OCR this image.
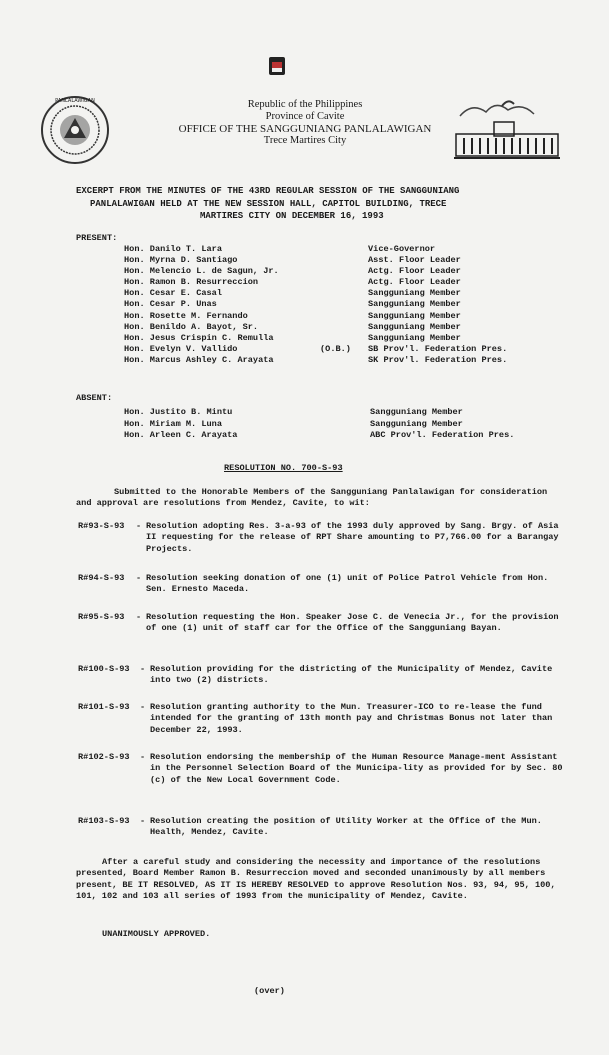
PANLALAWIGAN	Republic of the Philippines
Province of Cavite
OFFICE OF THE SANGGUNIANG PANLALAWIGAN
Trece Martires City
EXCERPT FROM THE MINUTES OF THE 43RD REGULAR SESSION OF THE SANGGUNIANG
PANLALAWIGAN HELD AT THE NEW SESSION HALL, CAPITOL BUILDING, TRECE
MARTIRES CITY ON DECEMBER 16, 1993
PRESENT:
Hon. Danilo T. Lara	Vice-Governor
Hon. Myrna D. Santiago	Asst. Floor Leader
Hon. Melencio L. de Sagun, Jr.	Actg. Floor Leader
Hon. Ramon B. Resurreccion	Actg. Floor Leader
Hon. Cesar E. Casal	Sangguniang Member
Hon. Cesar P. Unas	Sangguniang Member
Hon. Rosette M. Fernando	Sangguniang Member
Hon. Benildo A. Bayot, Sr.	Sangguniang Member
Hon. Jesus Crispin C. Remulla	Sangguniang Member
Hon. Evelyn V. Vallido	(O.B.) SB Prov'l. Federation Pres.
Hon. Marcus Ashley C. Arayata	SK Prov'l. Federation Pres.
ABSENT:
Hon. Justito B. Mintu	Sangguniang Member
Hon. Miriam M. Luna	Sangguniang Member
Hon. Arleen C. Arayata	ABC Prov'l. Federation Pres.
RESOLUTION NO. 700-S-93
Submitted to the Honorable Members of the Sangguniang Panlalawigan for consideration and approval are resolutions from Mendez, Cavite, to wit:
R#93-S-93 - Resolution adopting Res. 3-a-93 of the 1993 duly approved by Sang. Brgy. of Asia II requesting for the release of RPT Share amounting to P7,766.00 for a Barangay Projects.
R#94-S-93 - Resolution seeking donation of one (1) unit of Police Patrol Vehicle from Hon. Sen. Ernesto Maceda.
R#95-S-93 - Resolution requesting the Hon. Speaker Jose C. de Venecia Jr., for the provision of one (1) unit of staff car for the Office of the Sangguniang Bayan.
R#100-S-93 - Resolution providing for the districting of the Municipality of Mendez, Cavite into two (2) districts.
R#101-S-93 - Resolution granting authority to the Mun. Treasurer-ICO to re-lease the fund intended for the granting of 13th month pay and Christmas Bonus not later than December 22, 1993.
R#102-S-93 - Resolution endorsing the membership of the Human Resource Manage-ment Assistant in the Personnel Selection Board of the Municipa-lity as provided for by Sec. 80 (c) of the New Local Government Code.
R#103-S-93 - Resolution creating the position of Utility Worker at the Office of the Mun. Health, Mendez, Cavite.
After a careful study and considering the necessity and importance of the resolutions presented, Board Member Ramon B. Resurreccion moved and seconded unanimously by all members present, BE IT RESOLVED, AS IT IS HEREBY RESOLVED to approve Resolution Nos. 93, 94, 95, 100, 101, 102 and 103 all series of 1993 from the municipality of Mendez, Cavite.
UNANIMOUSLY APPROVED.
(over)
